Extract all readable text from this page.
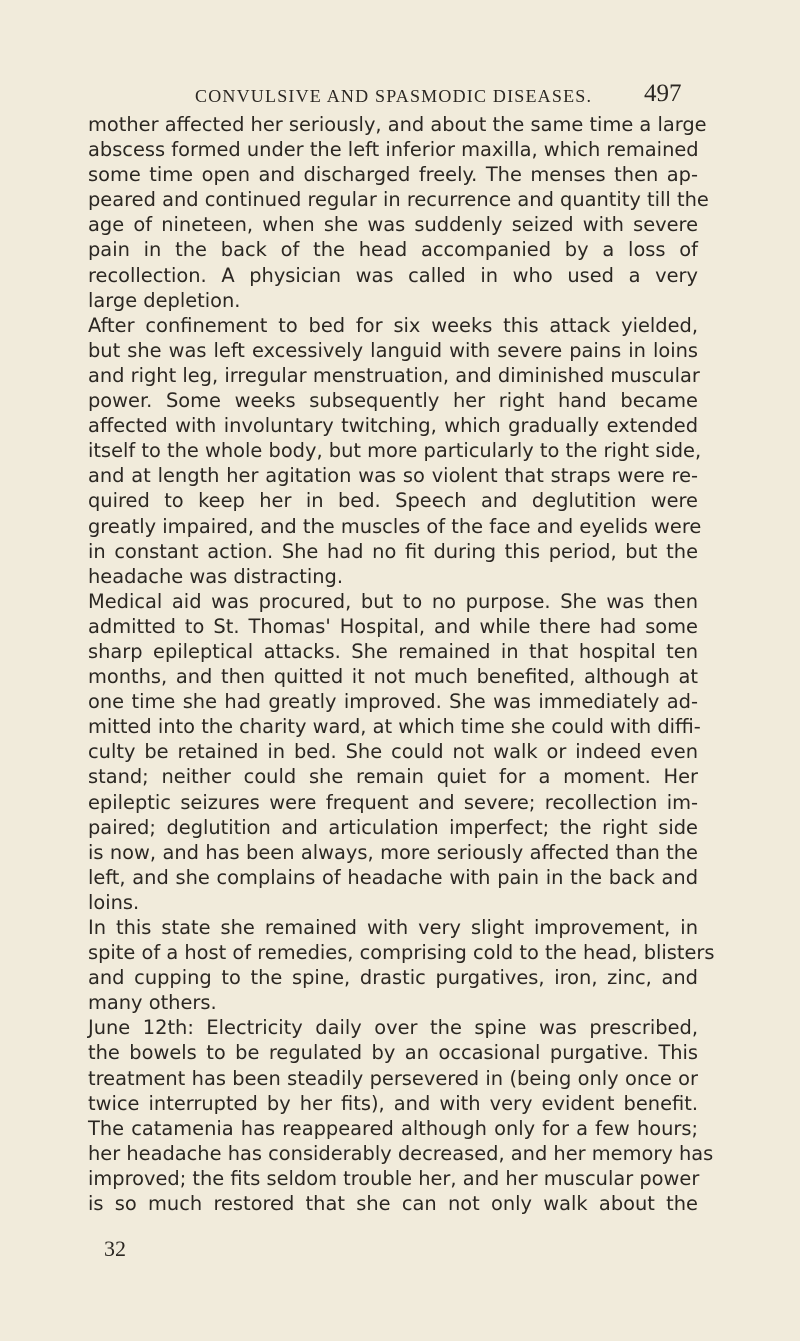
CONVULSIVE AND SPASMODIC DISEASES.	497
mother affected her seriously, and about the same time a large
abscess formed under the left inferior maxilla, which remained
some time open and discharged freely. The menses then ap-
peared and continued regular in recurrence and quantity till the
age of nineteen, when she was suddenly seized with severe
pain in the back of the head accompanied by a loss of
recollection. A physician was called in who used a very
large depletion.
After confinement to bed for six weeks this attack yielded,
but she was left excessively languid with severe pains in loins
and right leg, irregular menstruation, and diminished muscular
power. Some weeks subsequently her right hand became
affected with involuntary twitching, which gradually extended
itself to the whole body, but more particularly to the right side,
and at length her agitation was so violent that straps were re-
quired to keep her in bed. Speech and deglutition were
greatly impaired, and the muscles of the face and eyelids were
in constant action. She had no fit during this period, but the
headache was distracting.
Medical aid was procured, but to no purpose. She was then
admitted to St. Thomas' Hospital, and while there had some
sharp epileptical attacks. She remained in that hospital ten
months, and then quitted it not much benefited, although at
one time she had greatly improved. She was immediately ad-
mitted into the charity ward, at which time she could with diffi-
culty be retained in bed. She could not walk or indeed even
stand; neither could she remain quiet for a moment. Her
epileptic seizures were frequent and severe; recollection im-
paired; deglutition and articulation imperfect; the right side
is now, and has been always, more seriously affected than the
left, and she complains of headache with pain in the back and
loins.
In this state she remained with very slight improvement, in
spite of a host of remedies, comprising cold to the head, blisters
and cupping to the spine, drastic purgatives, iron, zinc, and
many others.
June 12th: Electricity daily over the spine was prescribed,
the bowels to be regulated by an occasional purgative. This
treatment has been steadily persevered in (being only once or
twice interrupted by her fits), and with very evident benefit.
The catamenia has reappeared although only for a few hours;
her headache has considerably decreased, and her memory has
improved; the fits seldom trouble her, and her muscular power
is so much restored that she can not only walk about the
32
